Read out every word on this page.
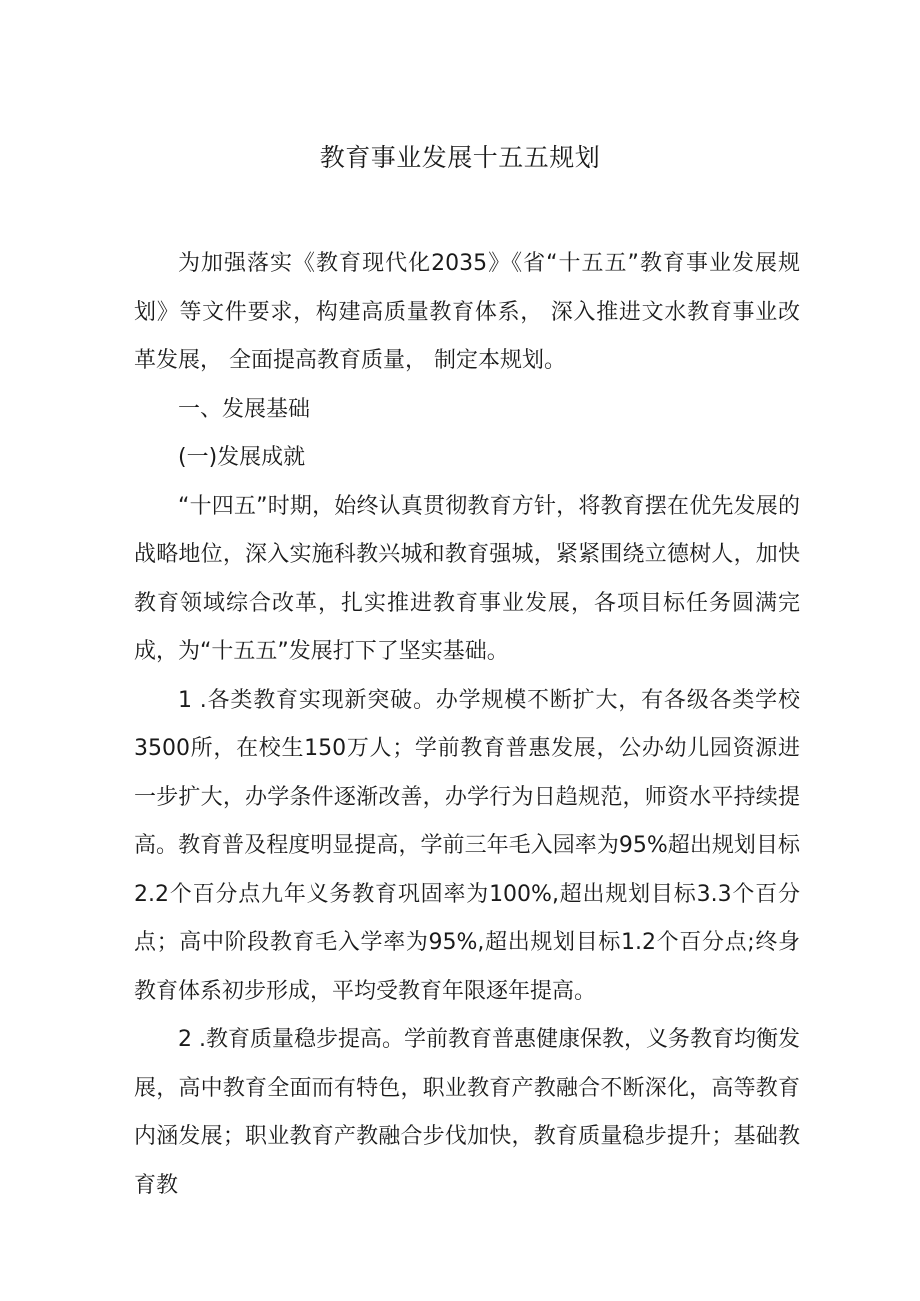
教育事业发展十五五规划

为加强落实《教育现代化2035》《省“十五五”教育事业发展规划》等文件要求，构建高质量教育体系， 深入推进文水教育事业改革发展， 全面提高教育质量， 制定本规划。

一、发展基础

(一)发展成就

“十四五”时期，始终认真贯彻教育方针，将教育摆在优先发展的战略地位，深入实施科教兴城和教育强城，紧紧围绕立德树人，加快教育领域综合改革，扎实推进教育事业发展，各项目标任务圆满完成，为“十五五”发展打下了坚实基础。

1 .各类教育实现新突破。办学规模不断扩大，有各级各类学校3500所，在校生150万人；学前教育普惠发展，公办幼儿园资源进一步扩大，办学条件逐渐改善，办学行为日趋规范，师资水平持续提高。教育普及程度明显提高，学前三年毛入园率为95%超出规划目标2.2个百分点九年义务教育巩固率为100%,超出规划目标3.3个百分点；高中阶段教育毛入学率为95%,超出规划目标1.2个百分点;终身教育体系初步形成，平均受教育年限逐年提高。

2 .教育质量稳步提高。学前教育普惠健康保教，义务教育均衡发展，高中教育全面而有特色，职业教育产教融合不断深化，高等教育内涵发展；职业教育产教融合步伐加快，教育质量稳步提升；基础教育教
